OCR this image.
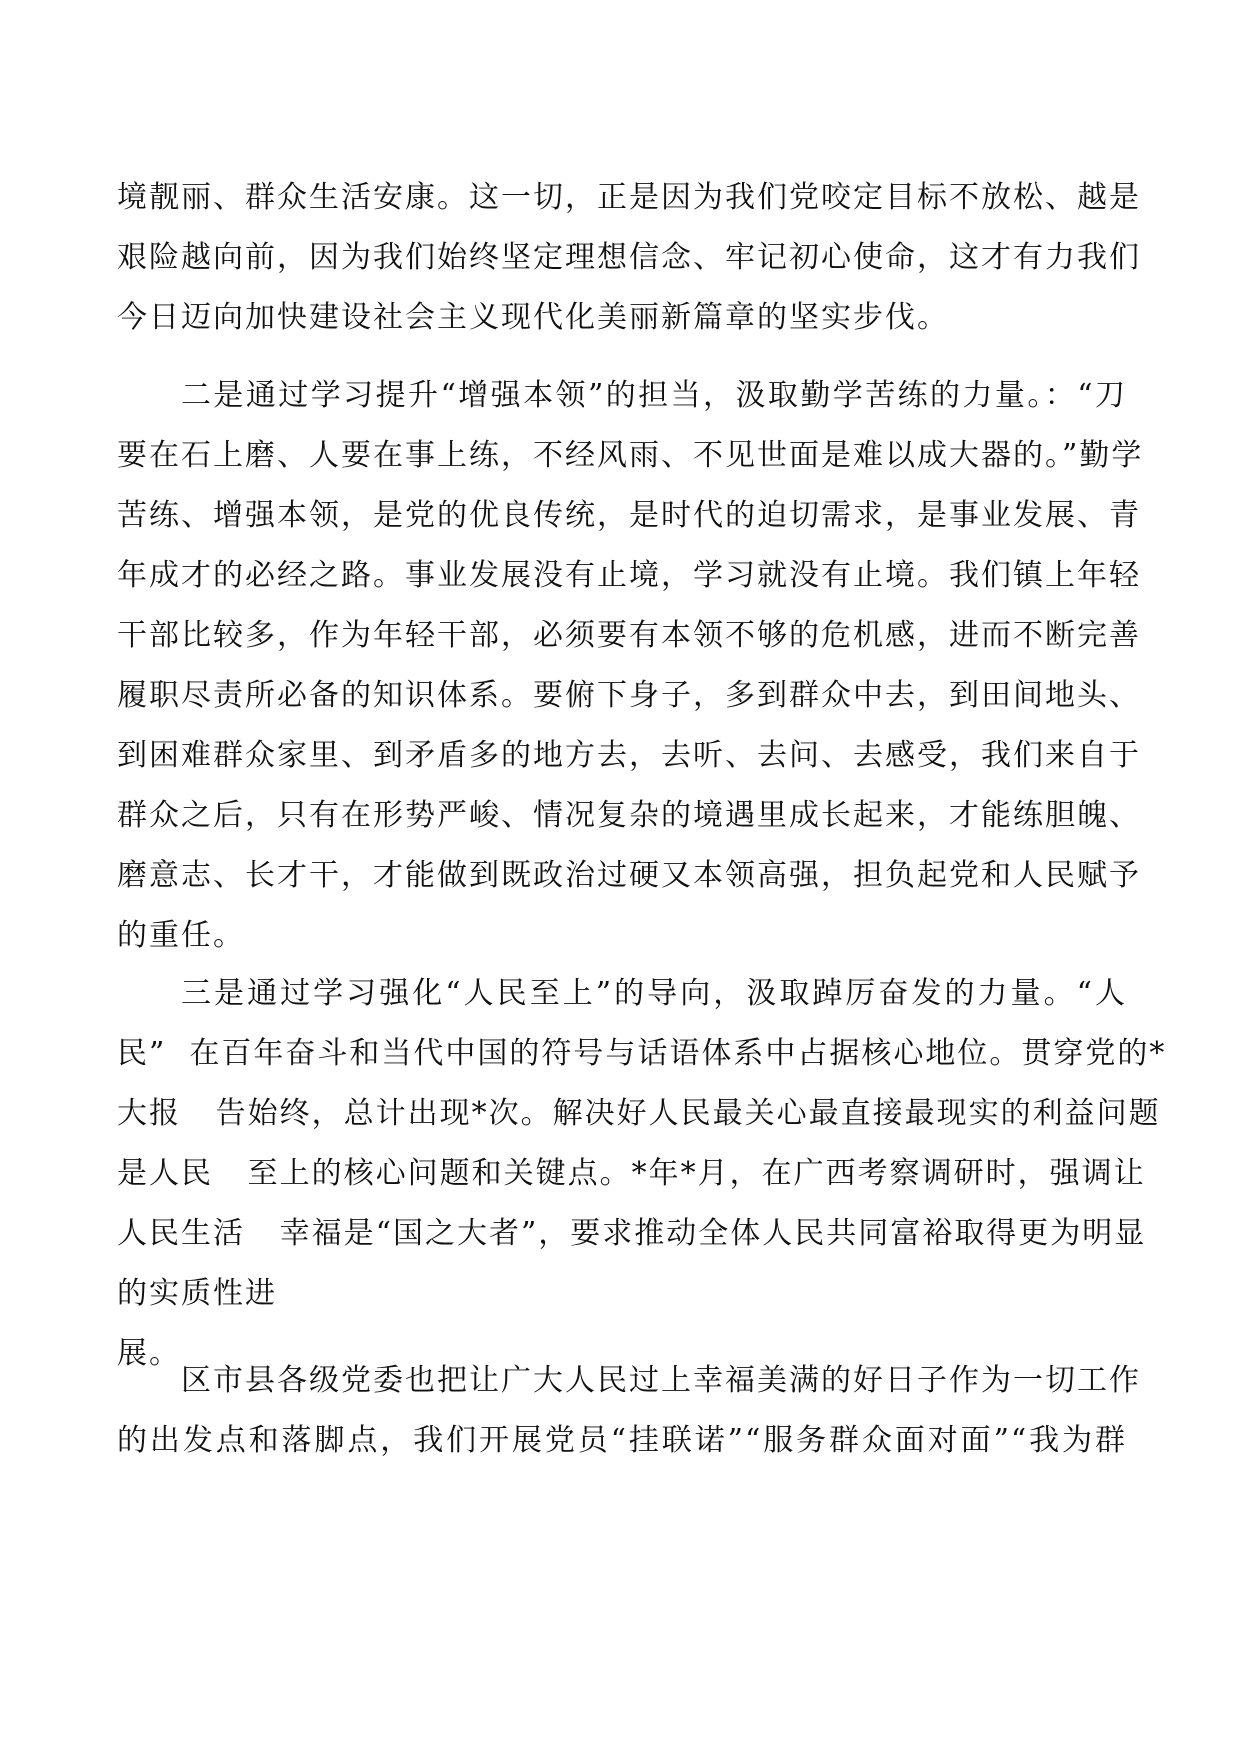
境靓丽、群众生活安康。这一切，正是因为我们党咬定目标不放松、越是
艰险越向前，因为我们始终坚定理想信念、牢记初心使命，这才有力我们
今日迈向加快建设社会主义现代化美丽新篇章的坚实步伐。
二是通过学习提升“增强本领”的担当，汲取勤学苦练的力量。：“刀
要在石上磨、人要在事上练，不经风雨、不见世面是难以成大器的。”勤学
苦练、增强本领，是党的优良传统，是时代的迫切需求，是事业发展、青
年成才的必经之路。事业发展没有止境，学习就没有止境。我们镇上年轻
干部比较多，作为年轻干部，必须要有本领不够的危机感，进而不断完善
履职尽责所必备的知识体系。要俯下身子，多到群众中去，到田间地头、
到困难群众家里、到矛盾多的地方去，去听、去问、去感受，我们来自于
群众之后，只有在形势严峻、情况复杂的境遇里成长起来，才能练胆魄、
磨意志、长才干，才能做到既政治过硬又本领高强，担负起党和人民赋予
的重任。
三是通过学习强化“人民至上”的导向，汲取踔厉奋发的力量。“人
民”  在百年奋斗和当代中国的符号与话语体系中占据核心地位。贯穿党的*
大报   告始终，总计出现*次。解决好人民最关心最直接最现实的利益问题
是人民   至上的核心问题和关键点。*年*月，在广西考察调研时，强调让
人民生活   幸福是“国之大者”，要求推动全体人民共同富裕取得更为明显
的实质性进
展。
区市县各级党委也把让广大人民过上幸福美满的好日子作为一切工作
的出发点和落脚点，我们开展党员“挂联诺”“服务群众面对面”“我为群
